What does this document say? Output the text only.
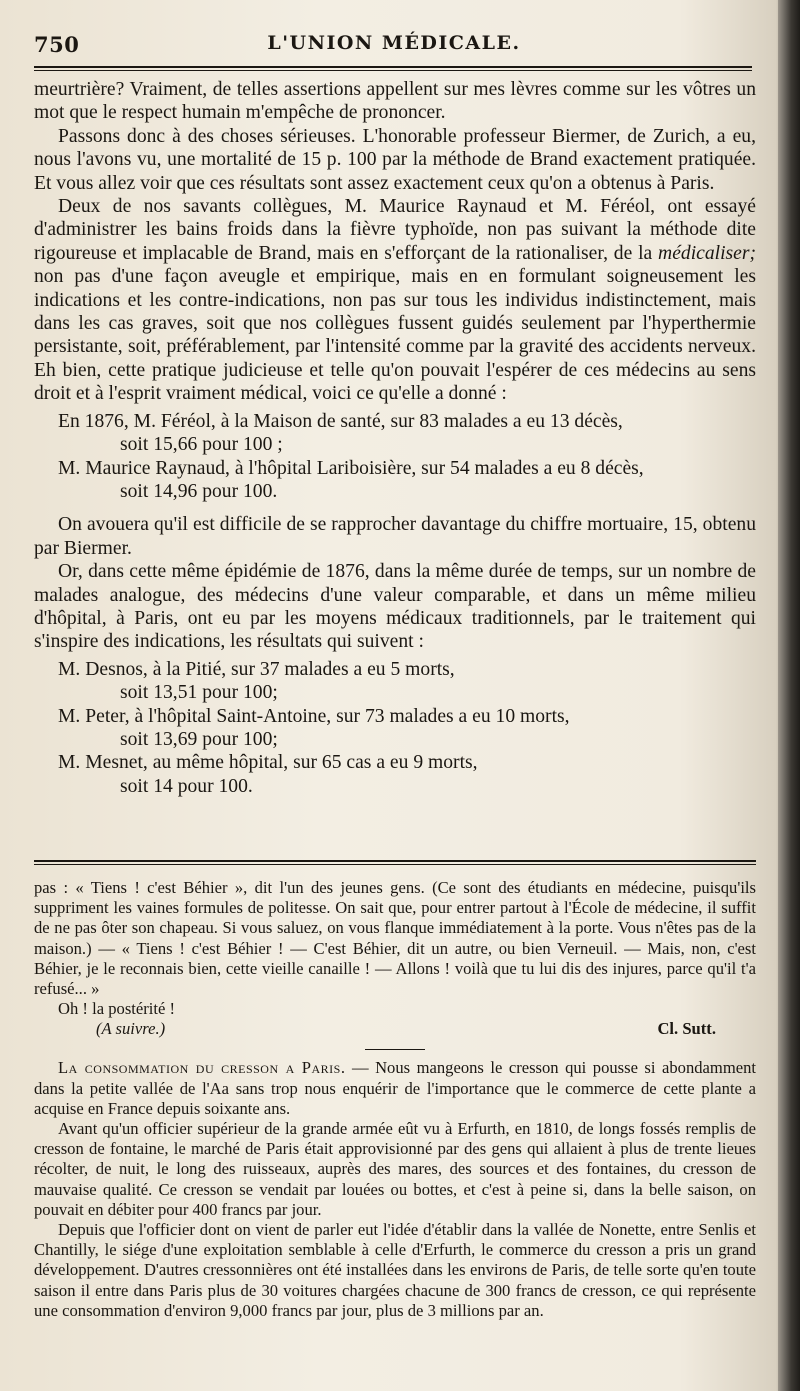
750	L'UNION MÉDICALE.

meurtrière? Vraiment, de telles assertions appellent sur mes lèvres comme sur les vôtres un mot que le respect humain m'empêche de prononcer.

Passons donc à des choses sérieuses. L'honorable professeur Biermer, de Zurich, a eu, nous l'avons vu, une mortalité de 15 p. 100 par la méthode de Brand exactement pratiquée. Et vous allez voir que ces résultats sont assez exactement ceux qu'on a obtenus à Paris.

Deux de nos savants collègues, M. Maurice Raynaud et M. Féréol, ont essayé d'administrer les bains froids dans la fièvre typhoïde, non pas suivant la méthode dite rigoureuse et implacable de Brand, mais en s'efforçant de la rationaliser, de la médicaliser; non pas d'une façon aveugle et empirique, mais en en formulant soigneusement les indications et les contre-indications, non pas sur tous les individus indistinctement, mais dans les cas graves, soit que nos collègues fussent guidés seulement par l'hyperthermie persistante, soit, préférablement, par l'intensité comme par la gravité des accidents nerveux. Eh bien, cette pratique judicieuse et telle qu'on pouvait l'espérer de ces médecins au sens droit et à l'esprit vraiment médical, voici ce qu'elle a donné :

En 1876, M. Féréol, à la Maison de santé, sur 83 malades a eu 13 décès,

soit 15,66 pour 100 ;

M. Maurice Raynaud, à l'hôpital Lariboisière, sur 54 malades a eu 8 décès,

soit 14,96 pour 100.

On avouera qu'il est difficile de se rapprocher davantage du chiffre mortuaire, 15, obtenu par Biermer.

Or, dans cette même épidémie de 1876, dans la même durée de temps, sur un nombre de malades analogue, des médecins d'une valeur comparable, et dans un même milieu d'hôpital, à Paris, ont eu par les moyens médicaux traditionnels, par le traitement qui s'inspire des indications, les résultats qui suivent :

M. Desnos, à la Pitié, sur 37 malades a eu 5 morts,

soit 13,51 pour 100;

M. Peter, à l'hôpital Saint-Antoine, sur 73 malades a eu 10 morts,

soit 13,69 pour 100;

M. Mesnet, au même hôpital, sur 65 cas a eu 9 morts,

soit 14 pour 100.

pas : « Tiens ! c'est Béhier », dit l'un des jeunes gens. (Ce sont des étudiants en médecine, puisqu'ils suppriment les vaines formules de politesse. On sait que, pour entrer partout à l'École de médecine, il suffit de ne pas ôter son chapeau. Si vous saluez, on vous flanque immédiatement à la porte. Vous n'êtes pas de la maison.) — « Tiens ! c'est Béhier ! — C'est Béhier, dit un autre, ou bien Verneuil. — Mais, non, c'est Béhier, je le reconnais bien, cette vieille canaille ! — Allons ! voilà que tu lui dis des injures, parce qu'il t'a refusé... »

Oh ! la postérité !

(A suivre.)	Cl. Sutt.

La consommation du cresson a Paris. — Nous mangeons le cresson qui pousse si abondamment dans la petite vallée de l'Aa sans trop nous enquérir de l'importance que le commerce de cette plante a acquise en France depuis soixante ans.

Avant qu'un officier supérieur de la grande armée eût vu à Erfurth, en 1810, de longs fossés remplis de cresson de fontaine, le marché de Paris était approvisionné par des gens qui allaient à plus de trente lieues récolter, de nuit, le long des ruisseaux, auprès des mares, des sources et des fontaines, du cresson de mauvaise qualité. Ce cresson se vendait par louées ou bottes, et c'est à peine si, dans la belle saison, on pouvait en débiter pour 400 francs par jour.

Depuis que l'officier dont on vient de parler eut l'idée d'établir dans la vallée de Nonette, entre Senlis et Chantilly, le siége d'une exploitation semblable à celle d'Erfurth, le commerce du cresson a pris un grand développement. D'autres cressonnières ont été installées dans les environs de Paris, de telle sorte qu'en toute saison il entre dans Paris plus de 30 voitures chargées chacune de 300 francs de cresson, ce qui représente une consommation d'environ 9,000 francs par jour, plus de 3 millions par an.
